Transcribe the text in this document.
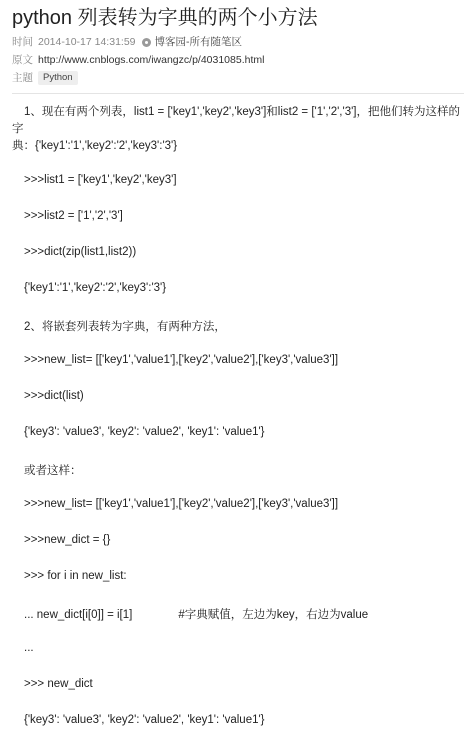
python 列表转为字典的两个小方法
时间 2014-10-17 14:31:59 博客园-所有随笔区
原文 http://www.cnblogs.com/iwangzc/p/4031085.html
主题	Python

1、现在有两个列表，list1 = ['key1','key2','key3']和list2 = ['1','2','3']，把他们转为这样的字
典：{'key1':'1','key2':'2','key3':'3'}

>>>list1 = ['key1','key2','key3']
>>>list2 = ['1','2','3']
>>>dict(zip(list1,list2))
{'key1':'1','key2':'2','key3':'3'}
2、将嵌套列表转为字典，有两种方法，
>>>new_list= [['key1','value1'],['key2','value2'],['key3','value3']]
>>>dict(list)
{'key3': 'value3', 'key2': 'value2', 'key1': 'value1'}
或者这样：
>>>new_list= [['key1','value1'],['key2','value2'],['key3','value3']]
>>>new_dict = {}
>>> for i in new_list:
... new_dict[i[0]] = i[1]	#字典赋值，左边为key，右边为value
...
>>> new_dict
{'key3': 'value3', 'key2': 'value2', 'key1': 'value1'}
